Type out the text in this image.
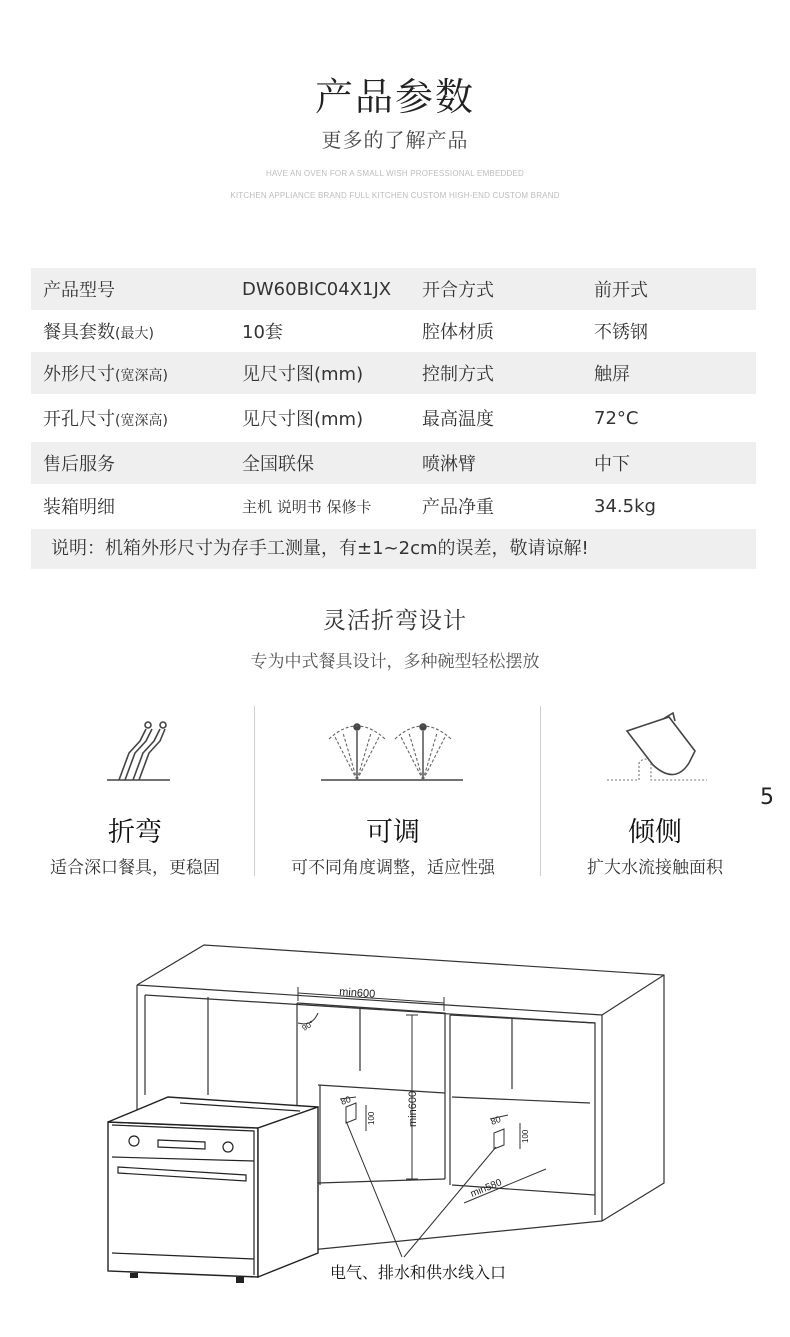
产品参数
更多的了解产品
HAVE AN OVEN FOR A SMALL WISH PROFESSIONAL EMBEDDED
KITCHEN APPLIANCE BRAND FULL KITCHEN CUSTOM HIGH-END CUSTOM BRAND
产品型号	DW60BIC04X1JX	开合方式	前开式
餐具套数(最大)	10套	腔体材质	不锈钢
外形尺寸(宽深高)	见尺寸图(mm)	控制方式	触屏
开孔尺寸(宽深高)	见尺寸图(mm)	最高温度	72°C
售后服务	全国联保	喷淋臂	中下
装箱明细	主机 说明书 保修卡	产品净重	34.5kg
说明：机箱外形尺寸为存手工测量，有±1~2cm的误差，敬请谅解!
灵活折弯设计
专为中式餐具设计，多种碗型轻松摆放
折弯
适合深口餐具，更稳固
可调
可不同角度调整，适应性强
倾侧
扩大水流接触面积
5
min600
90°
min600
80
100	80
100
min580
电气、排水和供水线入口
